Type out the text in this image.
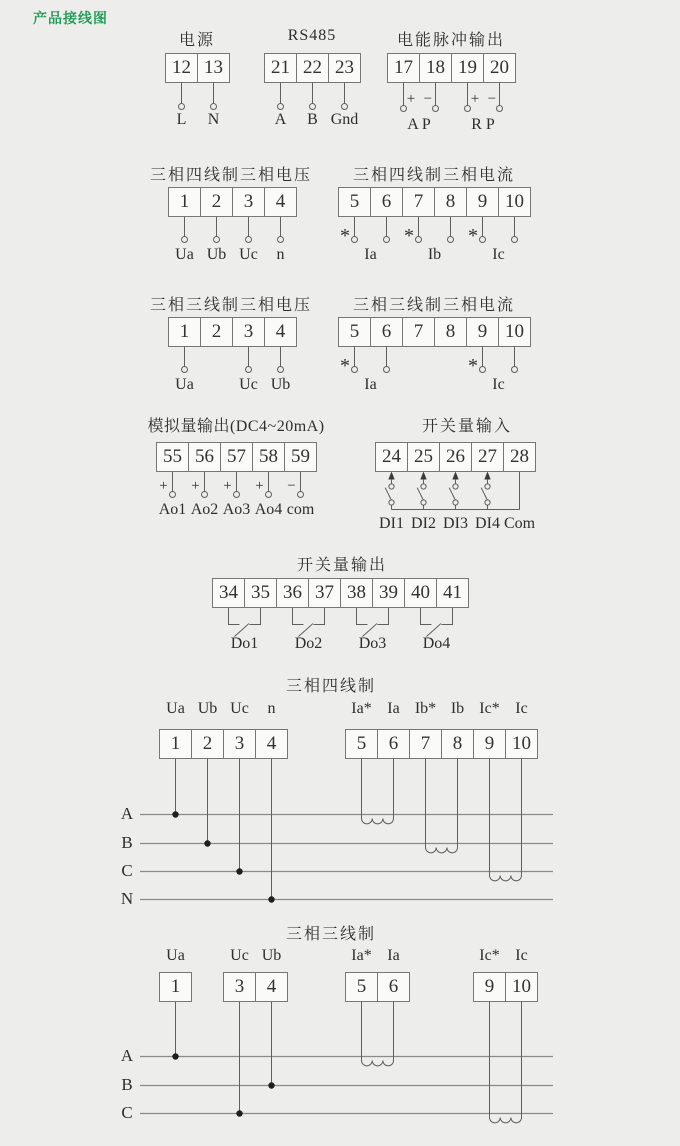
产品接线图
电源	RS485	电能脉冲输出
三相四线制三相电压	三相四线制三相电流
三相三线制三相电压	三相三线制三相电流
模拟量输出(DC4~20mA)	开关量输入
开关量输出
三相四线制
三相三线制
12 13	21 22 23	17 18 19 20
1	2	3	4	5	6	7	8	9 10
1	2	3	4	5	6	7	8	9 10
55 56 57 58 59	24 25 26 27 28
34 35 36 37 38 39 40 41
1	2	3	4	5	6	7	8	9 10
1	3	4	5	6	9 10
L N	A B Gnd	A P	R P
Ua Ub Uc n	Ia	Ib	Ic
Ua	Uc Ub	Ia	Ic
Ao1 Ao2 Ao3 Ao4 com
DI1 DI2 DI3 DI4 Com
Do1 Do2 Do3 Do4
Ua Ub Uc n	Ia* Ia Ib* Ib Ic* Ic
A
B
C
N
Ua	Uc Ub	Ia* Ia	Ic* Ic
A
B
C
+ −	+ −
*	*	*
*	*
+ + + + −
